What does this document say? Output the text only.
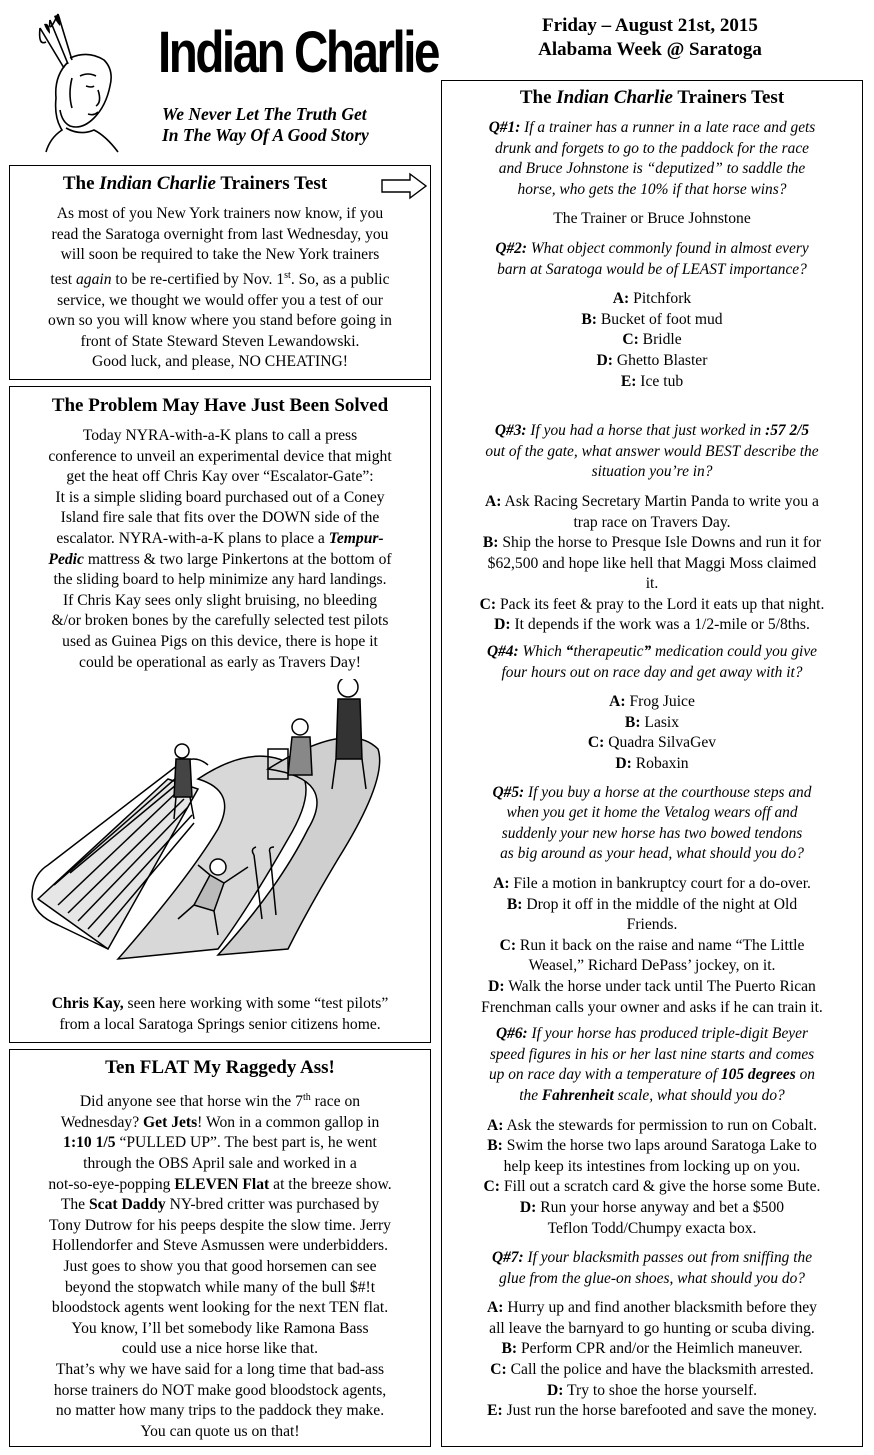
Indian Charlie
We Never Let The Truth Get
In The Way Of A Good Story
Friday – August 21st, 2015
Alabama Week @ Saratoga
The Indian Charlie Trainers Test

As most of you New York trainers now know, if you

read the Saratoga overnight from last Wednesday, you

will soon be required to take the New York trainers

test again to be re-certified by Nov. 1st. So, as a public

service, we thought we would offer you a test of our

own so you will know where you stand before going in

front of State Steward Steven Lewandowski.

Good luck, and please, NO CHEATING!

The Problem May Have Just Been Solved

Today NYRA-with-a-K plans to call a press

conference to unveil an experimental device that might

get the heat off Chris Kay over “Escalator-Gate”:

It is a simple sliding board purchased out of a Coney

Island fire sale that fits over the DOWN side of the

escalator. NYRA-with-a-K plans to place a Tempur-

Pedic mattress & two large Pinkertons at the bottom of

the sliding board to help minimize any hard landings.

If Chris Kay sees only slight bruising, no bleeding

&/or broken bones by the carefully selected test pilots

used as Guinea Pigs on this device, there is hope it

could be operational as early as Travers Day!

Chris Kay, seen here working with some “test pilots”

from a local Saratoga Springs senior citizens home.

Ten FLAT My Raggedy Ass!

Did anyone see that horse win the 7th race on

Wednesday? Get Jets! Won in a common gallop in

1:10 1/5 “PULLED UP”. The best part is, he went

through the OBS April sale and worked in a

not-so-eye-popping ELEVEN Flat at the breeze show.

The Scat Daddy NY-bred critter was purchased by

Tony Dutrow for his peeps despite the slow time. Jerry

Hollendorfer and Steve Asmussen were underbidders.

Just goes to show you that good horsemen can see

beyond the stopwatch while many of the bull $#!t

bloodstock agents went looking for the next TEN flat.

You know, I’ll bet somebody like Ramona Bass

could use a nice horse like that.

That’s why we have said for a long time that bad-ass

horse trainers do NOT make good bloodstock agents,

no matter how many trips to the paddock they make.

You can quote us on that!

The Indian Charlie Trainers Test

Q#1: If a trainer has a runner in a late race and gets

drunk and forgets to go to the paddock for the race

and Bruce Johnstone is “deputized” to saddle the

horse, who gets the 10% if that horse wins?

The Trainer or Bruce Johnstone

Q#2: What object commonly found in almost every

barn at Saratoga would be of LEAST importance?

A: Pitchfork

B: Bucket of foot mud

C: Bridle

D: Ghetto Blaster

E: Ice tub

Q#3: If you had a horse that just worked in :57 2/5

out of the gate, what answer would BEST describe the

situation you’re in?

A: Ask Racing Secretary Martin Panda to write you a

trap race on Travers Day.

B: Ship the horse to Presque Isle Downs and run it for

$62,500 and hope like hell that Maggi Moss claimed

it.

C: Pack its feet & pray to the Lord it eats up that night.

D: It depends if the work was a 1/2-mile or 5/8ths.

Q#4: Which “therapeutic” medication could you give

four hours out on race day and get away with it?

A: Frog Juice

B: Lasix

C: Quadra SilvaGev

D: Robaxin

Q#5: If you buy a horse at the courthouse steps and

when you get it home the Vetalog wears off and

suddenly your new horse has two bowed tendons

as big around as your head, what should you do?

A: File a motion in bankruptcy court for a do-over.

B: Drop it off in the middle of the night at Old

Friends.

C: Run it back on the raise and name “The Little

Weasel,” Richard DePass’ jockey, on it.

D: Walk the horse under tack until The Puerto Rican

Frenchman calls your owner and asks if he can train it.

Q#6: If your horse has produced triple-digit Beyer

speed figures in his or her last nine starts and comes

up on race day with a temperature of 105 degrees on

the Fahrenheit scale, what should you do?

A: Ask the stewards for permission to run on Cobalt.

B: Swim the horse two laps around Saratoga Lake to

help keep its intestines from locking up on you.

C: Fill out a scratch card & give the horse some Bute.

D: Run your horse anyway and bet a $500

Teflon Todd/Chumpy exacta box.

Q#7: If your blacksmith passes out from sniffing the

glue from the glue-on shoes, what should you do?

A: Hurry up and find another blacksmith before they

all leave the barnyard to go hunting or scuba diving.

B: Perform CPR and/or the Heimlich maneuver.

C: Call the police and have the blacksmith arrested.

D: Try to shoe the horse yourself.

E: Just run the horse barefooted and save the money.
